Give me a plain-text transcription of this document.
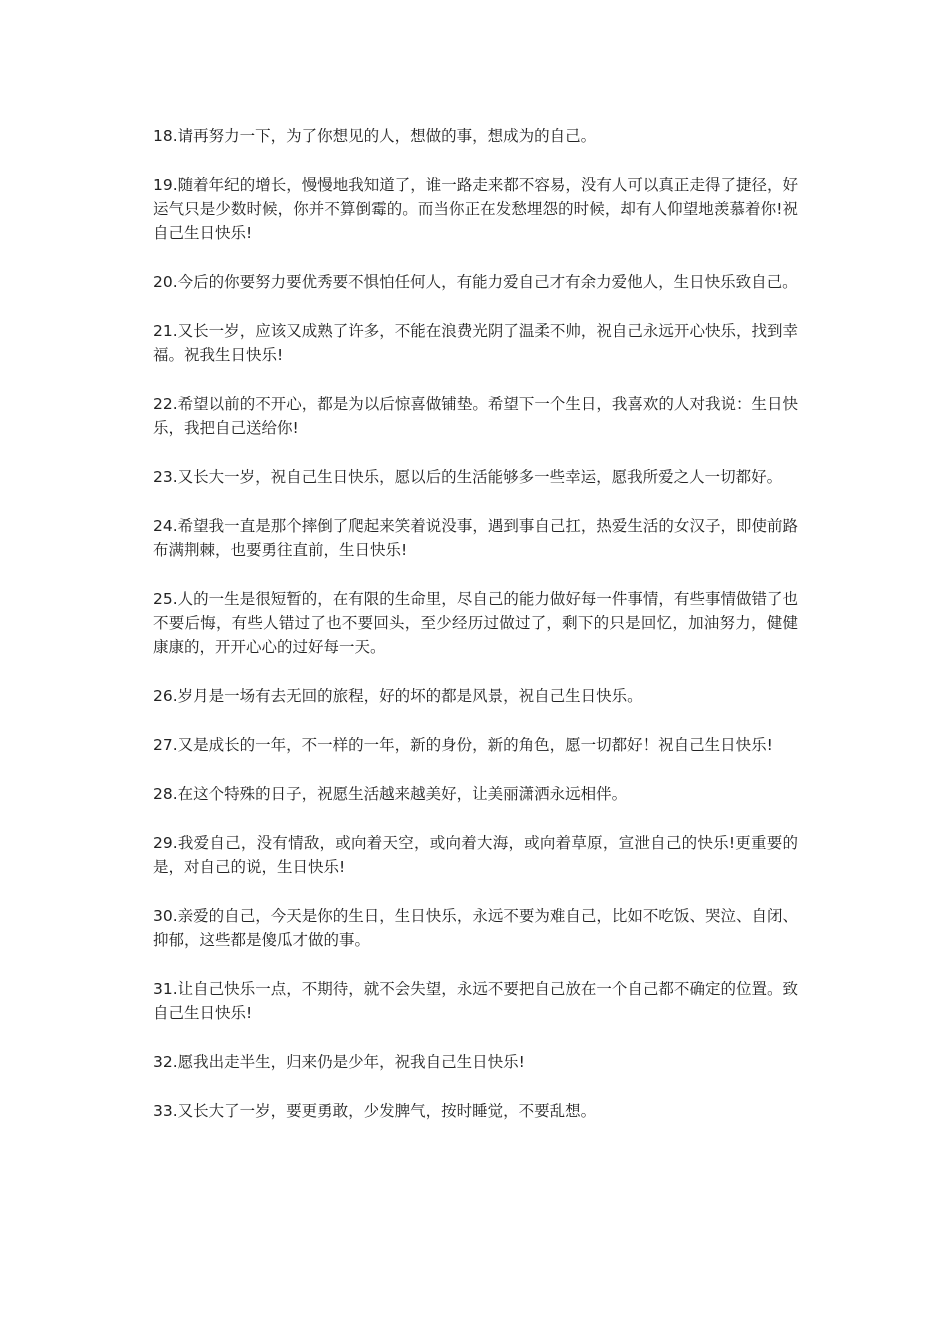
18.请再努力一下，为了你想见的人，想做的事，想成为的自己。

19.随着年纪的增长，慢慢地我知道了，谁一路走来都不容易，没有人可以真正走得了捷径，好运气只是少数时候，你并不算倒霉的。而当你正在发愁埋怨的时候，却有人仰望地羡慕着你!祝自己生日快乐!

20.今后的你要努力要优秀要不惧怕任何人，有能力爱自己才有余力爱他人，生日快乐致自己。

21.又长一岁，应该又成熟了许多，不能在浪费光阴了温柔不帅，祝自己永远开心快乐，找到幸福。祝我生日快乐!

22.希望以前的不开心，都是为以后惊喜做铺垫。希望下一个生日，我喜欢的人对我说：生日快乐，我把自己送给你!

23.又长大一岁，祝自己生日快乐，愿以后的生活能够多一些幸运，愿我所爱之人一切都好。

24.希望我一直是那个摔倒了爬起来笑着说没事，遇到事自己扛，热爱生活的女汉子，即使前路布满荆棘，也要勇往直前，生日快乐!

25.人的一生是很短暂的，在有限的生命里，尽自己的能力做好每一件事情，有些事情做错了也不要后悔，有些人错过了也不要回头，至少经历过做过了，剩下的只是回忆，加油努力，健健康康的，开开心心的过好每一天。

26.岁月是一场有去无回的旅程，好的坏的都是风景，祝自己生日快乐。

27.又是成长的一年，不一样的一年，新的身份，新的角色，愿一切都好！祝自己生日快乐!

28.在这个特殊的日子，祝愿生活越来越美好，让美丽潇洒永远相伴。

29.我爱自己，没有情敌，或向着天空，或向着大海，或向着草原，宣泄自己的快乐!更重要的是，对自己的说，生日快乐!

30.亲爱的自己，今天是你的生日，生日快乐，永远不要为难自己，比如不吃饭、哭泣、自闭、抑郁，这些都是傻瓜才做的事。

31.让自己快乐一点，不期待，就不会失望，永远不要把自己放在一个自己都不确定的位置。致自己生日快乐!

32.愿我出走半生，归来仍是少年，祝我自己生日快乐!

33.又长大了一岁，要更勇敢，少发脾气，按时睡觉，不要乱想。
